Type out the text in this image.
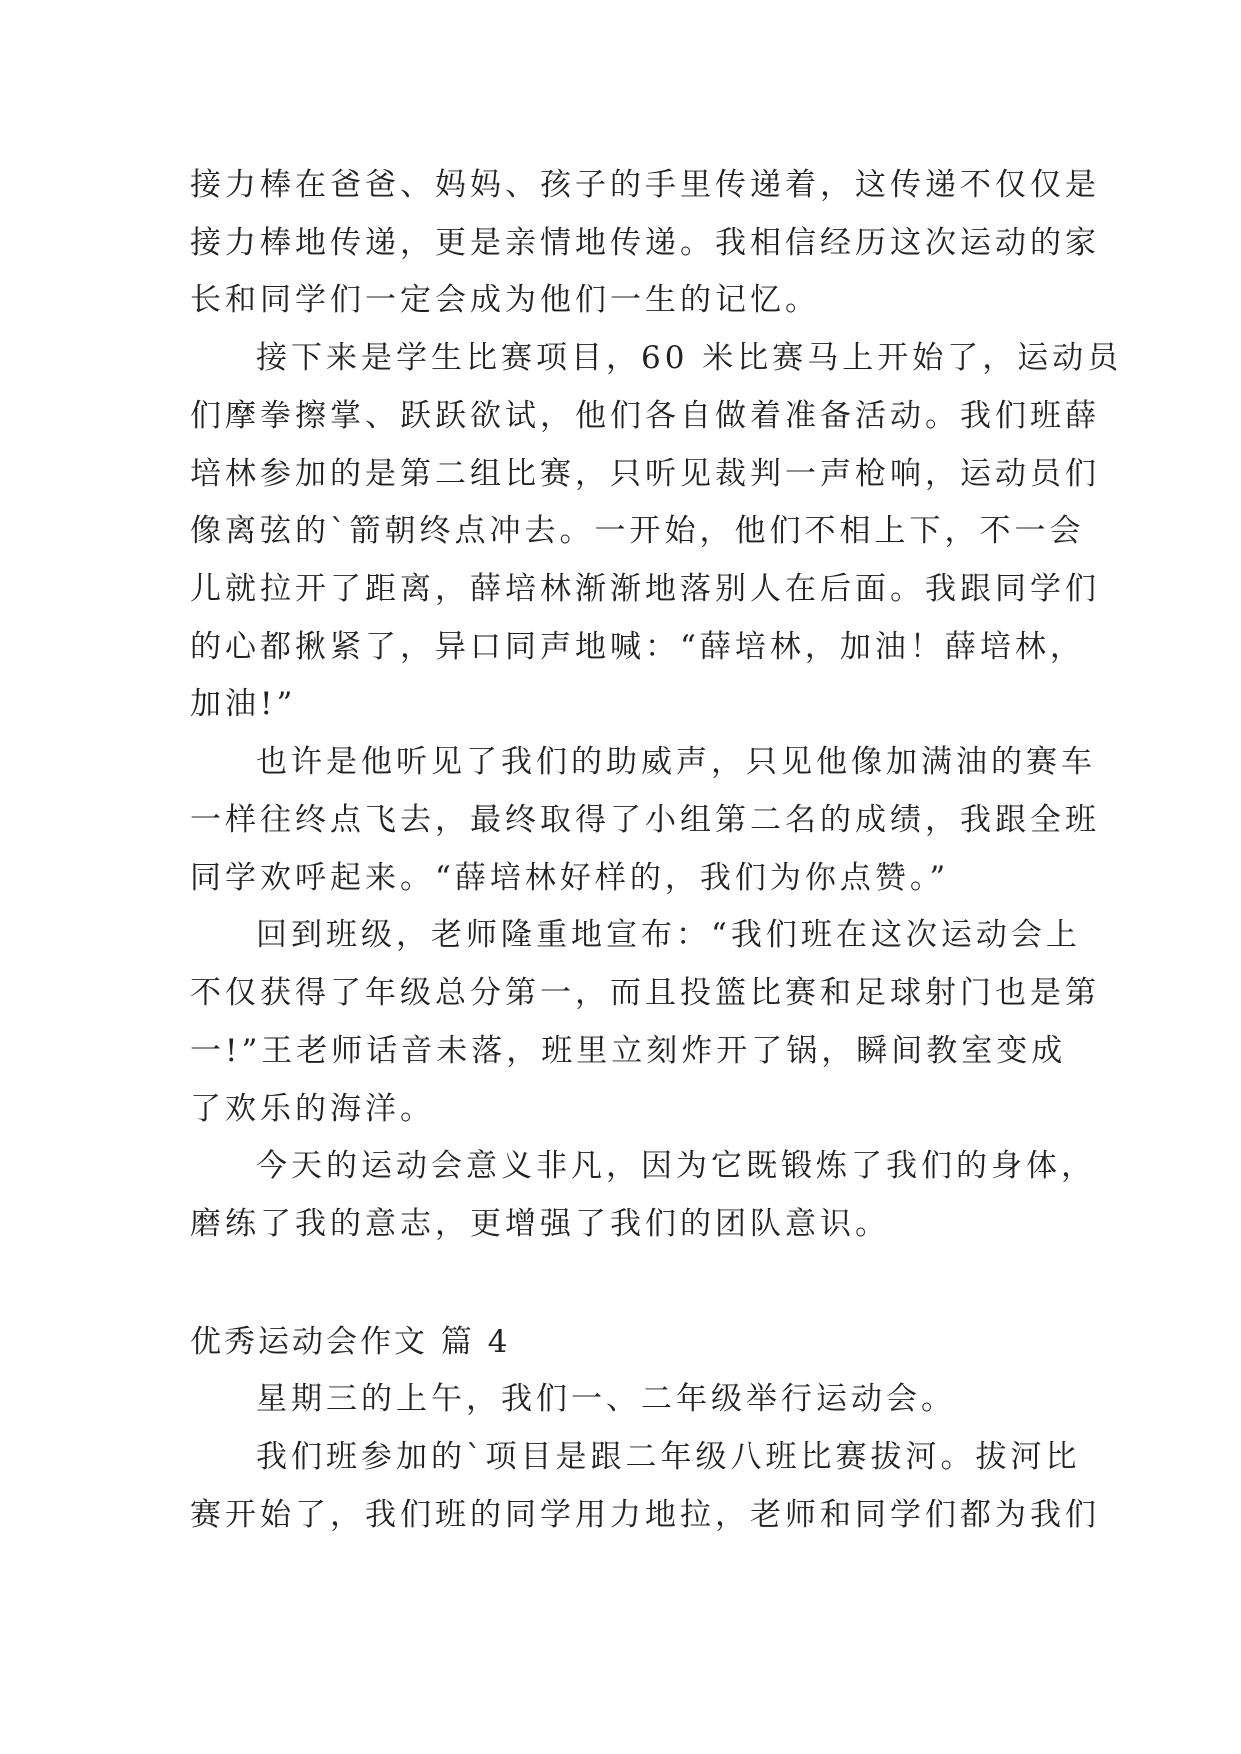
接力棒在爸爸、妈妈、孩子的手里传递着，这传递不仅仅是

接力棒地传递，更是亲情地传递。我相信经历这次运动的家

长和同学们一定会成为他们一生的记忆。

接下来是学生比赛项目，60 米比赛马上开始了，运动员

们摩拳擦掌、跃跃欲试，他们各自做着准备活动。我们班薛

培林参加的是第二组比赛，只听见裁判一声枪响，运动员们

像离弦的`箭朝终点冲去。一开始，他们不相上下，不一会

儿就拉开了距离，薛培林渐渐地落别人在后面。我跟同学们

的心都揪紧了，异口同声地喊：“薛培林，加油！薛培林，

加油!”

也许是他听见了我们的助威声，只见他像加满油的赛车

一样往终点飞去，最终取得了小组第二名的成绩，我跟全班

同学欢呼起来。“薛培林好样的，我们为你点赞。”

回到班级，老师隆重地宣布：“我们班在这次运动会上

不仅获得了年级总分第一，而且投篮比赛和足球射门也是第

一!”王老师话音未落，班里立刻炸开了锅，瞬间教室变成

了欢乐的海洋。

今天的运动会意义非凡，因为它既锻炼了我们的身体，

磨练了我的意志，更增强了我们的团队意识。

优秀运动会作文 篇 4

星期三的上午，我们一、二年级举行运动会。

我们班参加的`项目是跟二年级八班比赛拔河。拔河比

赛开始了，我们班的同学用力地拉，老师和同学们都为我们
